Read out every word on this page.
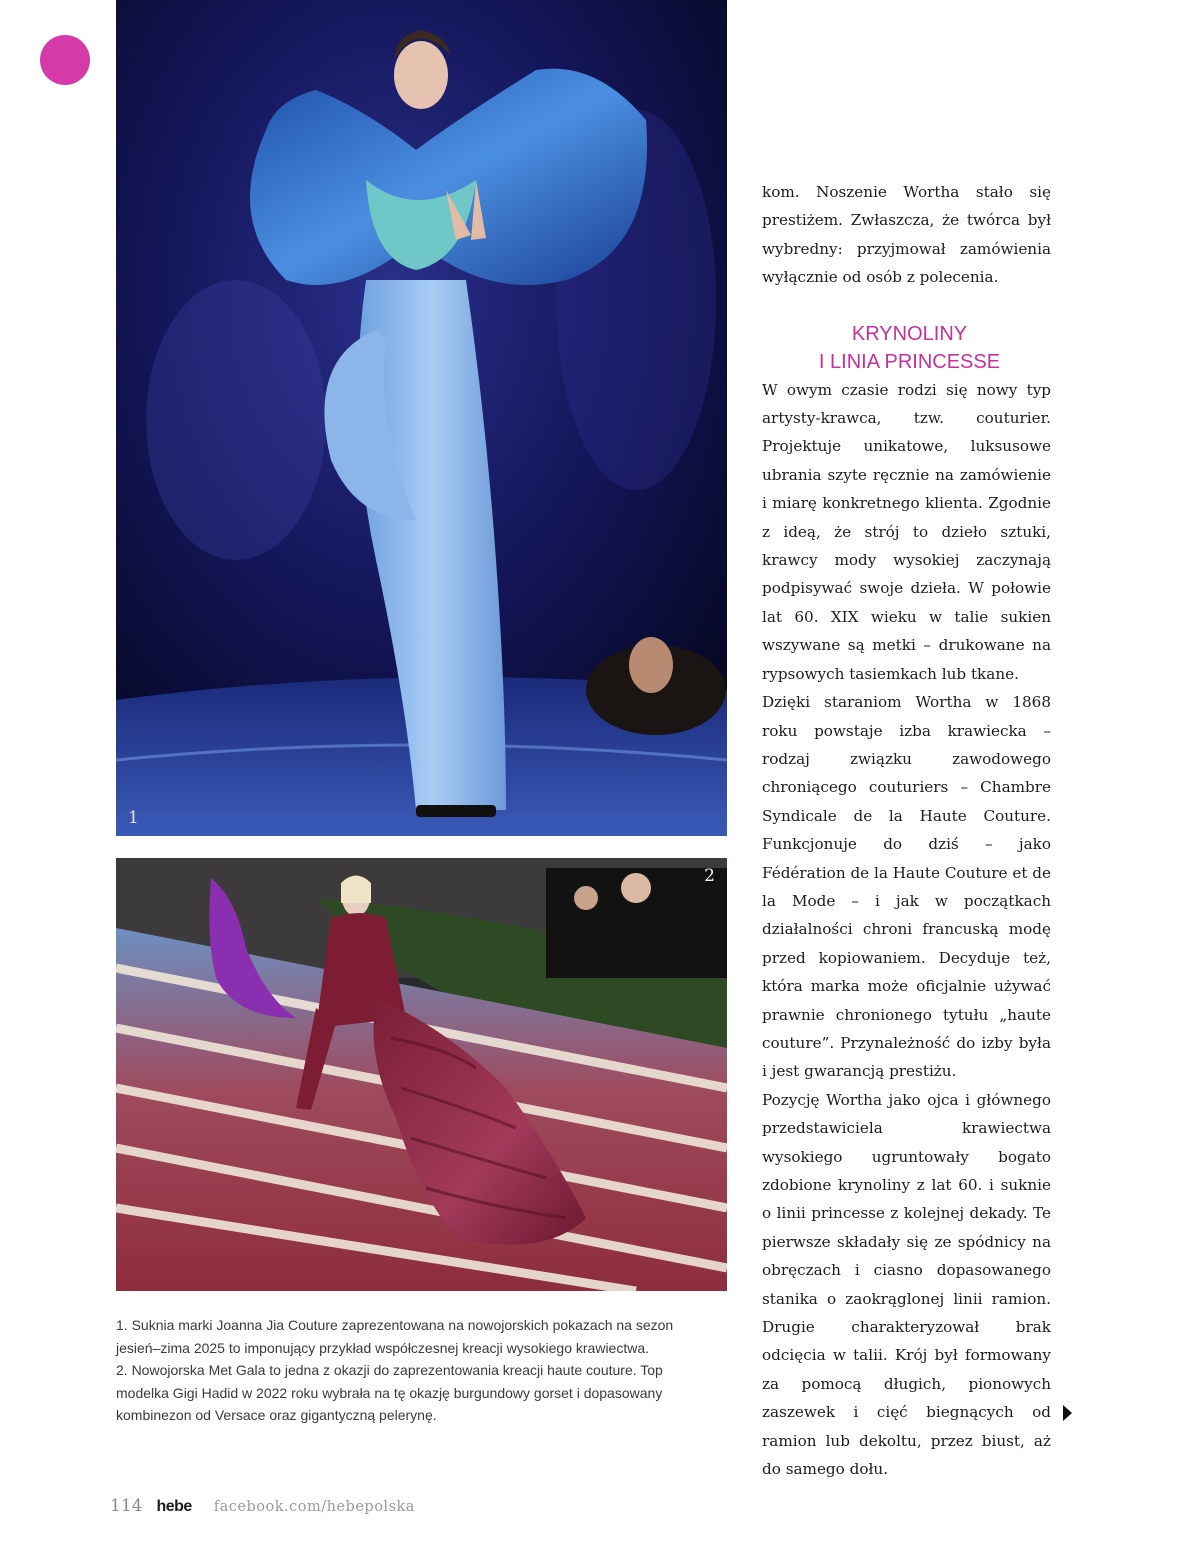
1
2

1. Suknia marki Joanna Jia Couture zaprezentowana na nowojorskich pokazach na sezon jesień–zima 2025 to imponujący przykład współczesnej kreacji wysokiego krawiectwa.

2. Nowojorska Met Gala to jedna z okazji do zaprezentowania kreacji haute couture. Top modelka Gigi Hadid w 2022 roku wybrała na tę okazję burgundowy gorset i dopasowany kombinezon od Versace oraz gigantyczną pelerynę.

kom. Noszenie Wortha stało się prestiżem. Zwłaszcza, że twórca był wybredny: przyjmował zamówienia wyłącznie od osób z polecenia.

KRYNOLINY
I LINIA PRINCESSE

W owym czasie rodzi się nowy typ artysty-krawca, tzw. couturier. Projektuje unikatowe, luksusowe ubrania szyte ręcznie na zamówienie i miarę konkretnego klienta. Zgodnie z ideą, że strój to dzieło sztuki, krawcy mody wysokiej zaczynają podpisywać swoje dzieła. W połowie lat 60. XIX wieku w talie sukien wszywane są metki – drukowane na rypsowych tasiemkach lub tkane.

Dzięki staraniom Wortha w 1868 roku powstaje izba krawiecka – rodzaj związku zawodowego chroniącego couturiers – Chambre Syndicale de la Haute Couture. Funkcjonuje do dziś – jako Fédération de la Haute Couture et de la Mode – i jak w początkach działalności chroni francuską modę przed kopiowaniem. Decyduje też, która marka może oficjalnie używać prawnie chronionego tytułu „haute couture”. Przynależność do izby była i jest gwarancją prestiżu.

Pozycję Wortha jako ojca i głównego przedstawiciela krawiectwa wysokiego ugruntowały bogato zdobione krynoliny z lat 60. i suknie o linii princesse z kolejnej dekady. Te pierwsze składały się ze spódnicy na obręczach i ciasno dopasowanego stanika o zaokrąglonej linii ramion. Drugie charakteryzował brak odcięcia w talii. Krój był formowany za pomocą długich, pionowych zaszewek i cięć biegnących od ramion lub dekoltu, przez biust, aż do samego dołu.

114 hebe facebook.com/hebepolska
